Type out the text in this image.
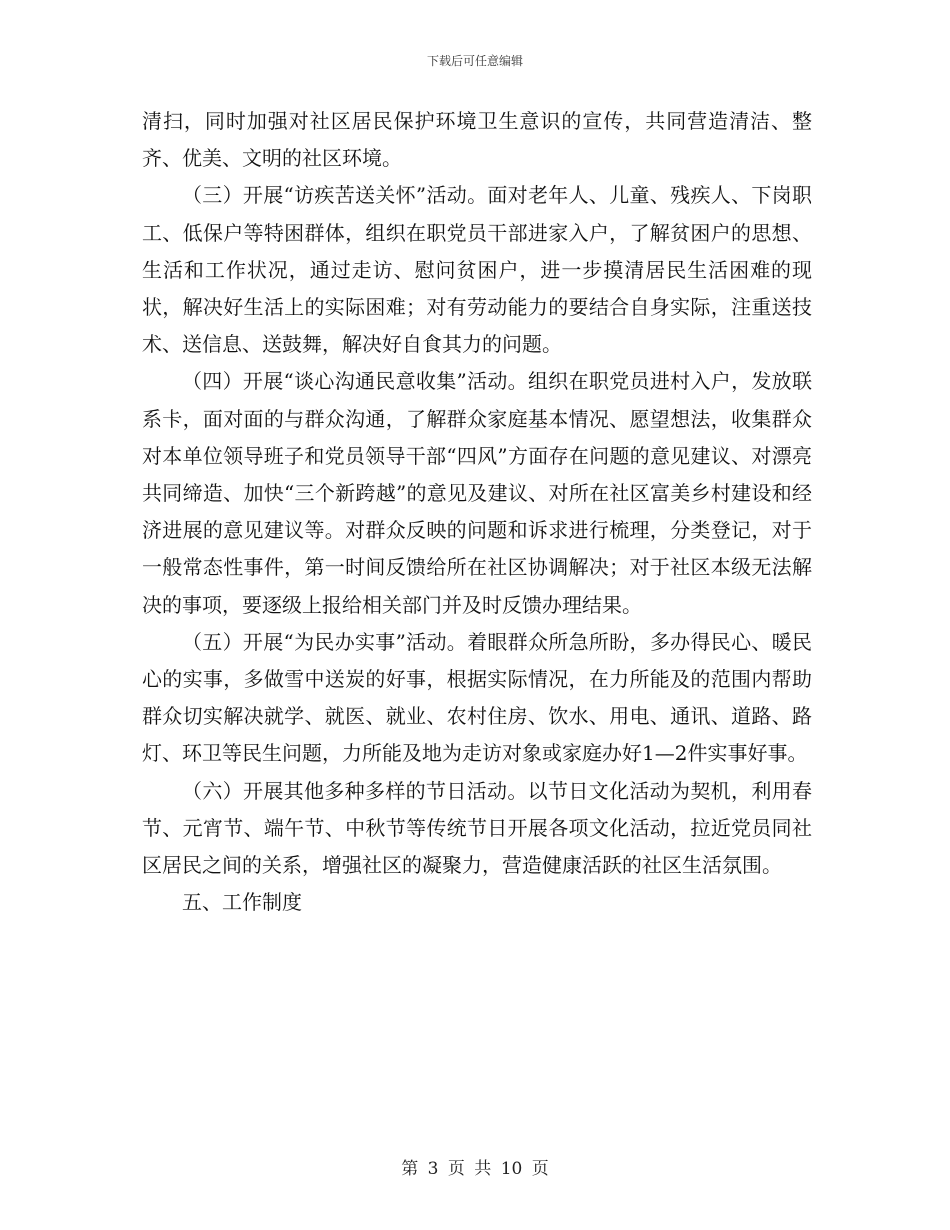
下载后可任意编辑

清扫，同时加强对社区居民保护环境卫生意识的宣传，共同营造清洁、整齐、优美、文明的社区环境。

（三）开展“访疾苦送关怀”活动。面对老年人、儿童、残疾人、下岗职工、低保户等特困群体，组织在职党员干部进家入户，了解贫困户的思想、生活和工作状况，通过走访、慰问贫困户，进一步摸清居民生活困难的现状，解决好生活上的实际困难；对有劳动能力的要结合自身实际，注重送技术、送信息、送鼓舞，解决好自食其力的问题。

（四）开展“谈心沟通民意收集”活动。组织在职党员进村入户，发放联系卡，面对面的与群众沟通，了解群众家庭基本情况、愿望想法，收集群众对本单位领导班子和党员领导干部“四风”方面存在问题的意见建议、对漂亮共同缔造、加快“三个新跨越”的意见及建议、对所在社区富美乡村建设和经济进展的意见建议等。对群众反映的问题和诉求进行梳理，分类登记，对于一般常态性事件，第一时间反馈给所在社区协调解决；对于社区本级无法解决的事项，要逐级上报给相关部门并及时反馈办理结果。

（五）开展“为民办实事”活动。着眼群众所急所盼，多办得民心、暖民心的实事，多做雪中送炭的好事，根据实际情况，在力所能及的范围内帮助群众切实解决就学、就医、就业、农村住房、饮水、用电、通讯、道路、路灯、环卫等民生问题，力所能及地为走访对象或家庭办好1—2件实事好事。

（六）开展其他多种多样的节日活动。以节日文化活动为契机，利用春节、元宵节、端午节、中秋节等传统节日开展各项文化活动，拉近党员同社区居民之间的关系，增强社区的凝聚力，营造健康活跃的社区生活氛围。

五、工作制度

第 3 页 共 10 页
